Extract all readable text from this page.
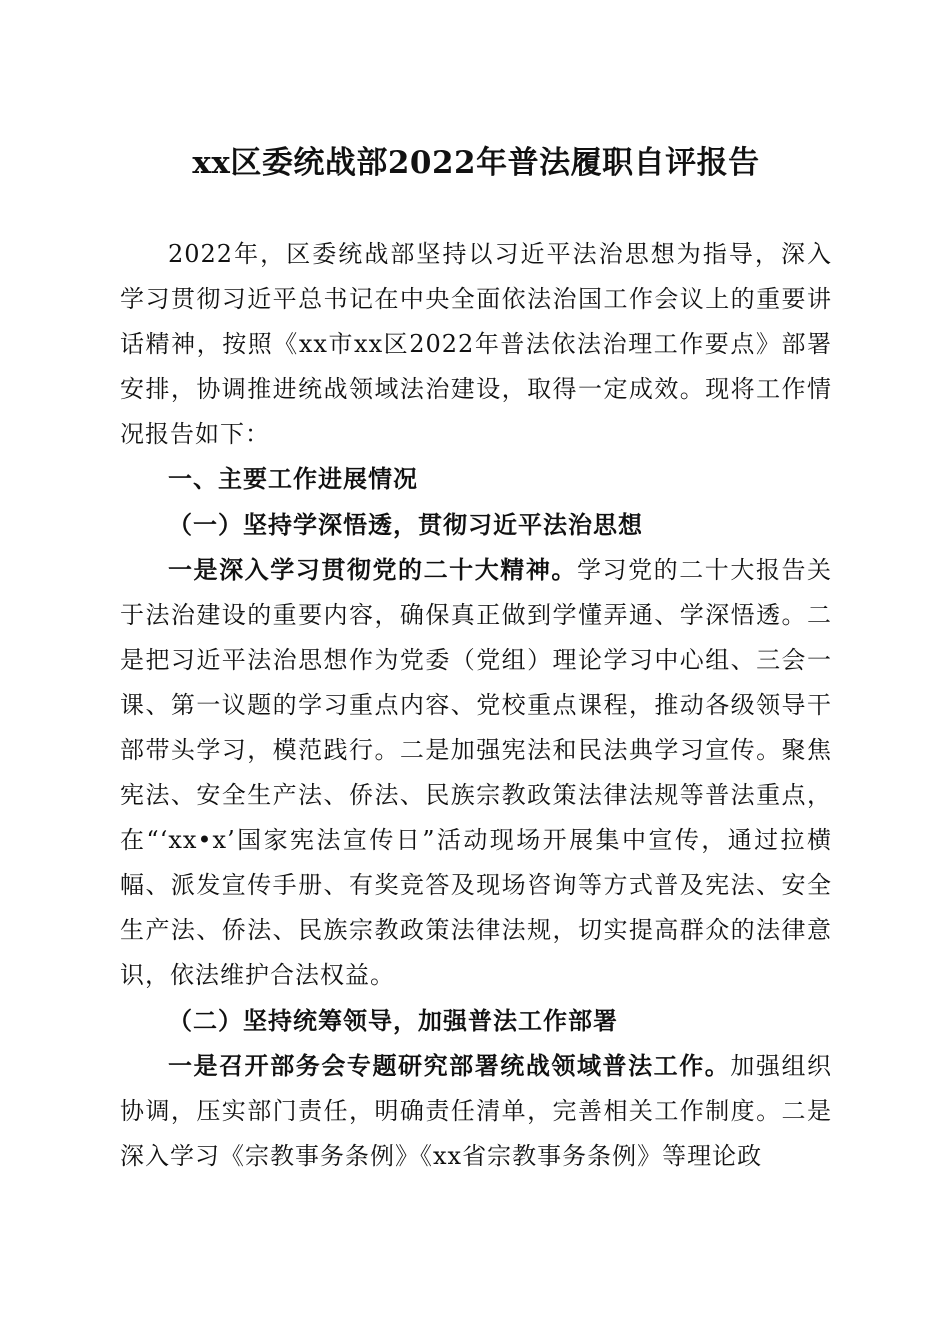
xx区委统战部2022年普法履职自评报告

2022年，区委统战部坚持以习近平法治思想为指导，深入学习贯彻习近平总书记在中央全面依法治国工作会议上的重要讲话精神，按照《xx市xx区2022年普法依法治理工作要点》部署安排，协调推进统战领域法治建设，取得一定成效。现将工作情况报告如下：

一、主要工作进展情况

（一）坚持学深悟透，贯彻习近平法治思想

一是深入学习贯彻党的二十大精神。学习党的二十大报告关于法治建设的重要内容，确保真正做到学懂弄通、学深悟透。二是把习近平法治思想作为党委（党组）理论学习中心组、三会一课、第一议题的学习重点内容、党校重点课程，推动各级领导干部带头学习，模范践行。二是加强宪法和民法典学习宣传。聚焦宪法、安全生产法、侨法、民族宗教政策法律法规等普法重点，在“‘xx•x’国家宪法宣传日”活动现场开展集中宣传，通过拉横幅、派发宣传手册、有奖竞答及现场咨询等方式普及宪法、安全生产法、侨法、民族宗教政策法律法规，切实提高群众的法律意识，依法维护合法权益。

（二）坚持统筹领导，加强普法工作部署

一是召开部务会专题研究部署统战领域普法工作。加强组织协调，压实部门责任，明确责任清单，完善相关工作制度。二是深入学习《宗教事务条例》《xx省宗教事务条例》等理论政
